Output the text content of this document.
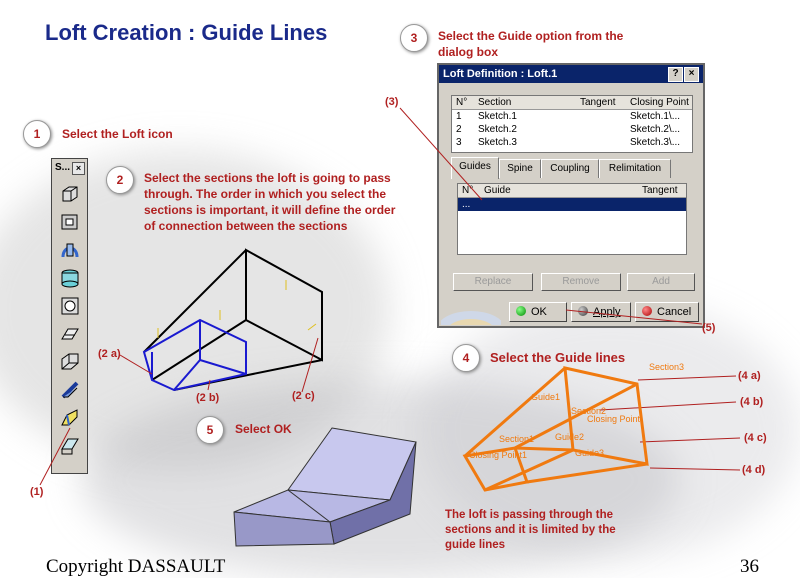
Loft Creation : Guide Lines
1	Select the Loft icon
2	Select the sections the loft is going to pass
through. The order in which you select the
sections is important, it will define the order
of connection between the sections
3	Select the Guide option from the
dialog box
4	Select the Guide lines
5	Select OK
S... ×
(1)
Loft Definition : Loft.1	?	×
N° Section	Tangent Closing Point
1 Sketch.1	Sketch.1\...
2 Sketch.2	Sketch.2\...
3 Sketch.3	Sketch.3\...
Guides	Spine	Coupling	Relimitation
N° Guide	Tangent
...
Replace	Remove	Add
OK	Apply	Cancel
(3)
(5)
(2 a)
(2 b)	(2 c)
Section3
Guide1
Section2
Closing Point
Section1
Closing Point1
Guide2
Guide3
(4 a)
(4 b)
(4 c)
(4 d)
The loft is passing through the
sections and it is limited by the
guide lines
Copyright DASSAULT	36
